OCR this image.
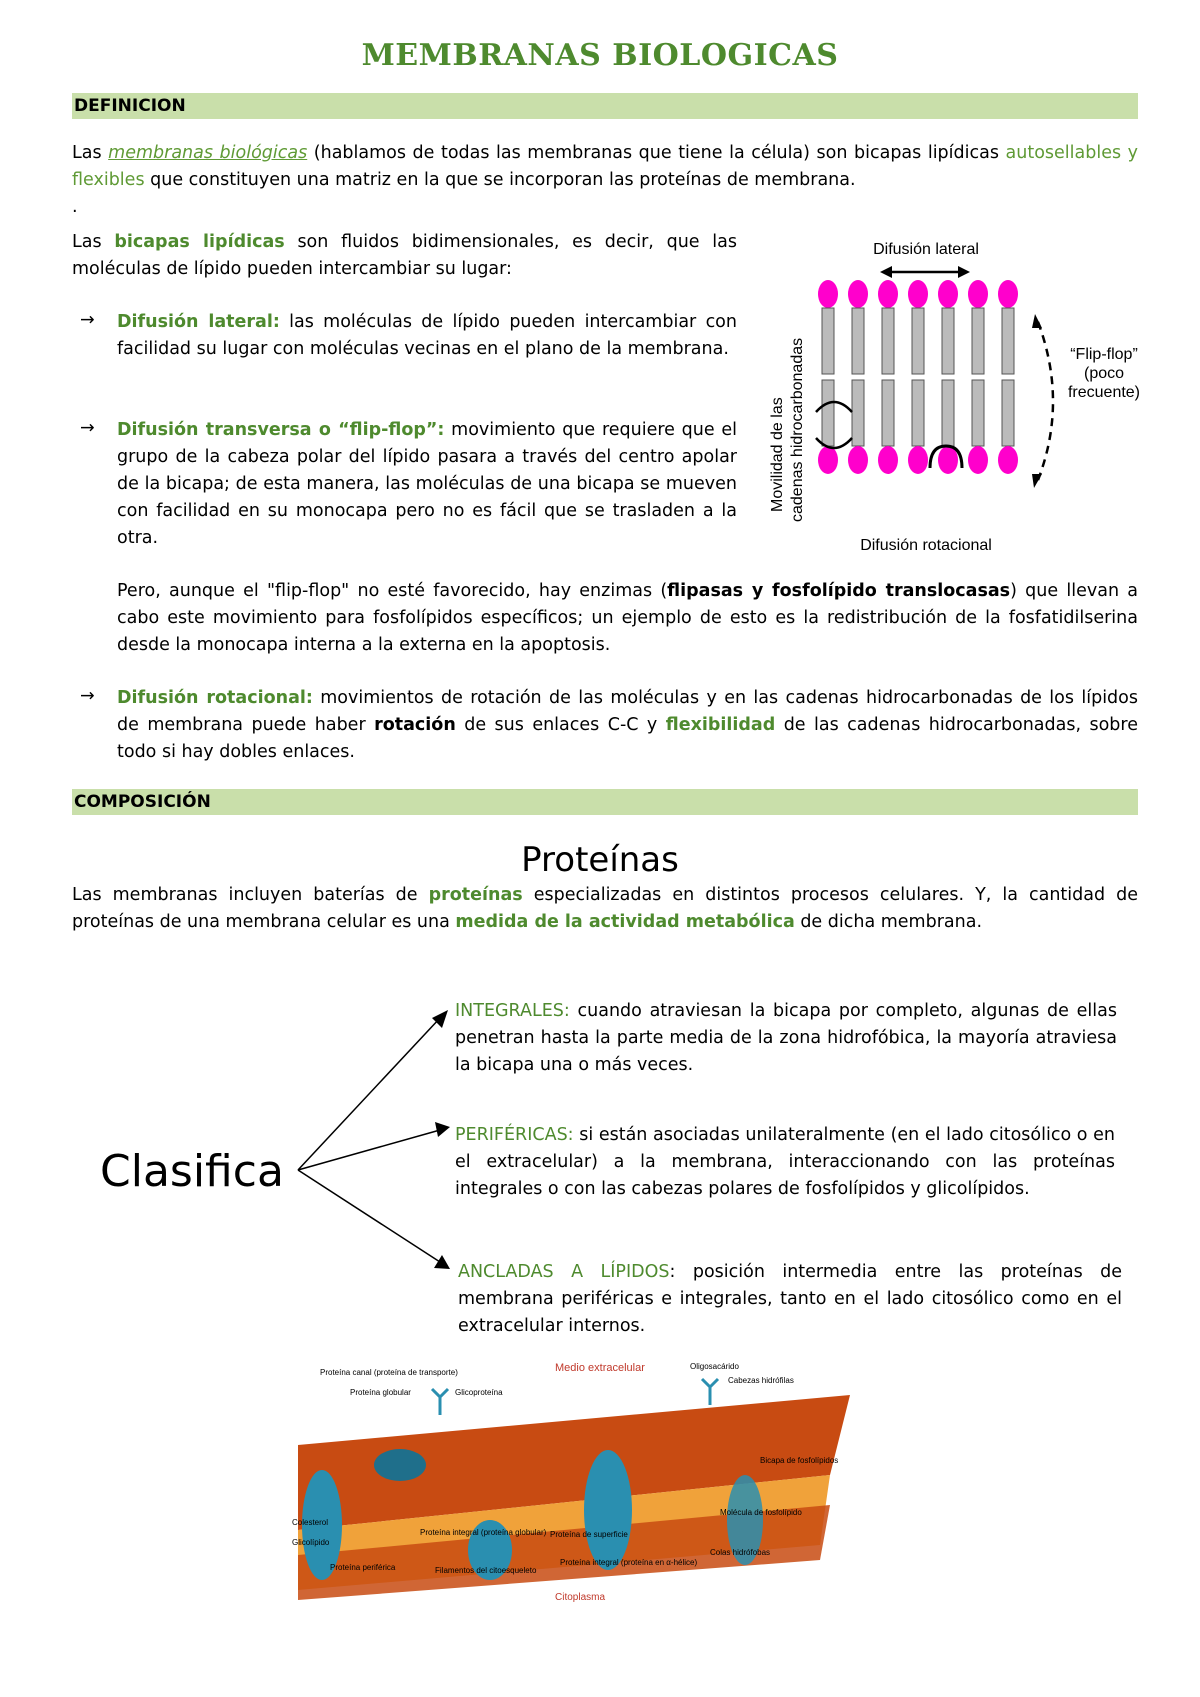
MEMBRANAS BIOLOGICAS
DEFINICION
Las membranas biológicas (hablamos de todas las membranas que tiene la célula) son bicapas lipídicas autosellables y flexibles que constituyen una matriz en la que se incorporan las proteínas de membrana.
.
Las bicapas lipídicas son fluidos bidimensionales, es decir, que las moléculas de lípido pueden intercambiar su lugar:
→ Difusión lateral: las moléculas de lípido pueden intercambiar con facilidad su lugar con moléculas vecinas en el plano de la membrana.
→ Difusión transversa o “flip-flop”: movimiento que requiere que el grupo de la cabeza polar del lípido pasara a través del centro apolar de la bicapa; de esta manera, las moléculas de una bicapa se mueven con facilidad en su monocapa pero no es fácil que se trasladen a la otra.
Pero, aunque el "flip-flop" no esté favorecido, hay enzimas (flipasas y fosfolípido translocasas) que llevan a cabo este movimiento para fosfolípidos específicos; un ejemplo de esto es la redistribución de la fosfatidilserina desde la monocapa interna a la externa en la apoptosis.
→ Difusión rotacional: movimientos de rotación de las moléculas y en las cadenas hidrocarbonadas de los lípidos de membrana puede haber rotación de sus enlaces C-C y flexibilidad de las cadenas hidrocarbonadas, sobre todo si hay dobles enlaces.
Difusión lateral
Movilidad de las cadenas hidrocarbonadas	“Flip-flop”
(poco
frecuente)
Difusión rotacional
COMPOSICIÓN
Proteínas
Las membranas incluyen baterías de proteínas especializadas en distintos procesos celulares. Y, la cantidad de proteínas de una membrana celular es una medida de la actividad metabólica de dicha membrana.
Clasifica
INTEGRALES: cuando atraviesan la bicapa por completo, algunas de ellas penetran hasta la parte media de la zona hidrofóbica, la mayoría atraviesa la bicapa una o más veces.
PERIFÉRICAS: si están asociadas unilateralmente (en el lado citosólico o en el extracelular) a la membrana, interaccionando con las proteínas integrales o con las cabezas polares de fosfolípidos y glicolípidos.
ANCLADAS A LÍPIDOS: posición intermedia entre las proteínas de membrana periféricas e integrales, tanto en el lado citosólico como en el extracelular internos.
Medio extracelular
Proteína canal (proteína de transporte)
Proteína globular	Glicoproteína
Oligosacárido
Cabezas hidrófilas
Bicapa de fosfolípidos
Molécula de fosfolípido
Colas hidrófobas
Colesterol
Glicolípido
Proteína periférica
Proteína integral (proteína globular) Proteína de superficie
Filamentos del citoesqueleto
Proteína integral (proteína en α-hélice)
Citoplasma
